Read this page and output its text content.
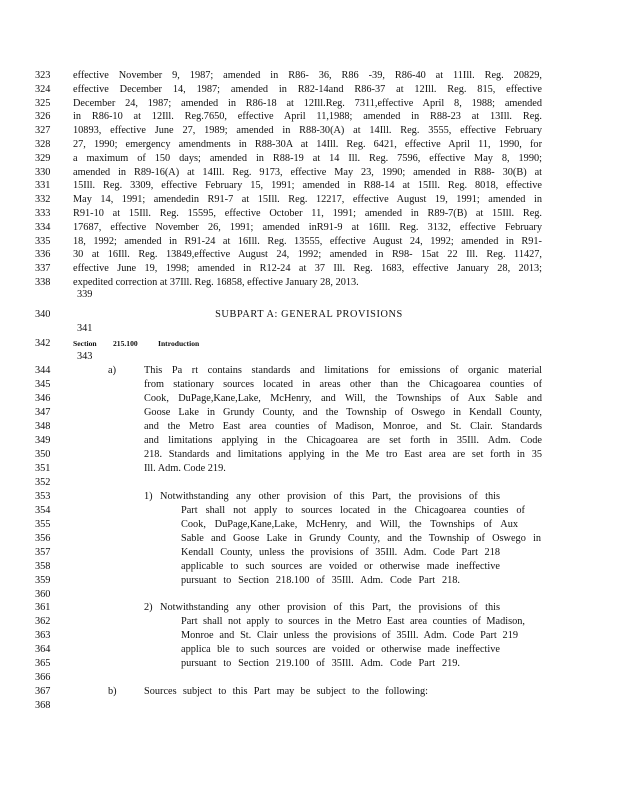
323	effective November 9, 1987; amended in R86- 36, R86 -39, R86-40 at 11Ill. Reg. 20829,
324	effective December 14, 1987; amended in R82-14and R86-37 at 12Ill. Reg. 815, effective
325	December 24, 1987; amended in R86-18 at 12Ill.Reg. 7311,effective April 8, 1988; amended
326	in R86-10 at 12Ill. Reg.7650, effective April 11,1988; amended in R88-23 at 13Ill. Reg.
327	10893, effective June 27, 1989; amended in R88-30(A) at 14Ill. Reg. 3555, effective February
328	27, 1990; emergency amendments in R88-30A at 14Ill. Reg. 6421, effective April 11, 1990, for
329	a maximum of 150 days; amended in R88-19 at 14 Ill. Reg. 7596, effective May 8, 1990;
330	amended in R89-16(A) at 14Ill. Reg. 9173, effective May 23, 1990; amended in R88- 30(B) at
331	15Ill. Reg. 3309, effective February 15, 1991; amended in R88-14 at 15Ill. Reg. 8018, effective
332	May 14, 1991; amendedin R91-7 at 15Ill. Reg. 12217, effective August 19, 1991; amended in
333	R91-10 at 15Ill. Reg. 15595, effective October 11, 1991; amended in R89-7(B) at 15Ill. Reg.
334	17687, effective November 26, 1991; amended inR91-9 at 16Ill. Reg. 3132, effective February
335	18, 1992; amended in R91-24 at 16Ill. Reg. 13555, effective August 24, 1992; amended in R91-
336	30 at 16Ill. Reg. 13849,effective August 24, 1992; amended in R98- 15at 22 Ill. Reg. 11427,
337	effective June 19, 1998; amended in R12-24 at 37 Ill. Reg. 1683, effective January 28, 2013;
338	expedited correction at 37Ill. Reg. 16858, effective January 28, 2013.
339
340	SUBPART A: GENERAL PROVISIONS
341
342	Section 215.100	Introduction
343
344	a)	This Pa rt contains standards and limitations for emissions of organic material
345	from stationary sources located in areas other than the Chicagoarea counties of
346	Cook, DuPage,Kane,Lake, McHenry, and Will, the Townships of Aux Sable and
347	Goose Lake in Grundy County, and the Township of Oswego in Kendall County,
348	and the Metro East area counties of Madison, Monroe, and St. Clair. Standards
349	and limitations applying in the Chicagoarea are set forth in 35Ill. Adm. Code
350	218. Standards and limitations applying in the Me tro East area are set forth in 35
351	Ill. Adm. Code 219.
352
353	1) Notwithstanding any other provision of this Part, the provisions of this
354	Part shall not apply to sources located in the Chicagoarea counties of
355	Cook, DuPage,Kane,Lake, McHenry, and Will, the Townships of Aux
356	Sable and Goose Lake in Grundy County, and the Township of Oswego in
357	Kendall County, unless the provisions of 35Ill. Adm. Code Part 218
358	applicable to such sources are voided or otherwise made ineffective
359	pursuant to Section 218.100 of 35Ill. Adm. Code Part 218.
360
361	2) Notwithstanding any other provision of this Part, the provisions of this
362	Part shall not apply to sources in the Metro East area counties of Madison,
363	Monroe and St. Clair unless the provisions of 35Ill. Adm. Code Part 219
364	applica ble to such sources are voided or otherwise made ineffective
365	pursuant to Section 219.100 of 35Ill. Adm. Code Part 219.
366
367	b)	Sources subject to this Part may be subject to the following:
368
